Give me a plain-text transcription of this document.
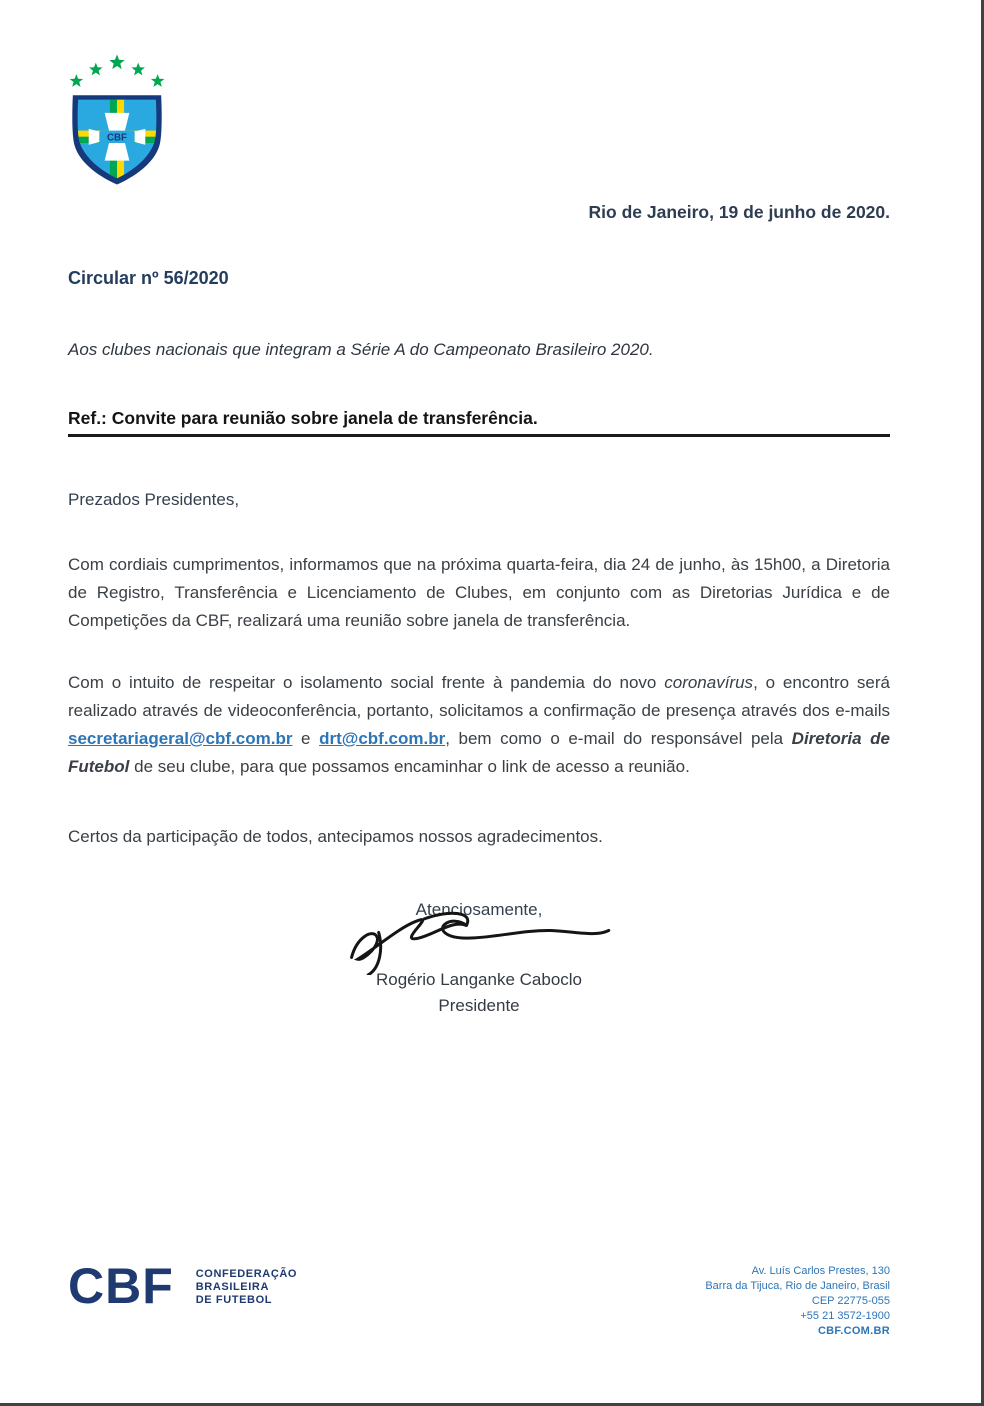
CBF
Rio de Janeiro, 19 de junho de 2020.
Circular nº 56/2020
Aos clubes nacionais que integram a Série A do Campeonato Brasileiro 2020.
Ref.: Convite para reunião sobre janela de transferência.
Prezados Presidentes,

Com cordiais cumprimentos, informamos que na próxima quarta-feira, dia 24 de junho, às 15h00, a Diretoria de Registro, Transferência e Licenciamento de Clubes, em conjunto com as Diretorias Jurídica e de Competições da CBF, realizará uma reunião sobre janela de transferência.

Com o intuito de respeitar o isolamento social frente à pandemia do novo coronavírus, o encontro será realizado através de videoconferência, portanto, solicitamos a confirmação de presença através dos e-mails secretariageral@cbf.com.br e drt@cbf.com.br, bem como o e-mail do responsável pela Diretoria de Futebol de seu clube, para que possamos encaminhar o link de acesso a reunião.

Certos da participação de todos, antecipamos nossos agradecimentos.

Atenciosamente,
Rogério Langanke Caboclo
Presidente
CBF CONFEDERAÇÃO
BRASILEIRA
DE FUTEBOL
Av. Luís Carlos Prestes, 130
Barra da Tijuca, Rio de Janeiro, Brasil
CEP 22775-055
+55 21 3572-1900
CBF.COM.BR
